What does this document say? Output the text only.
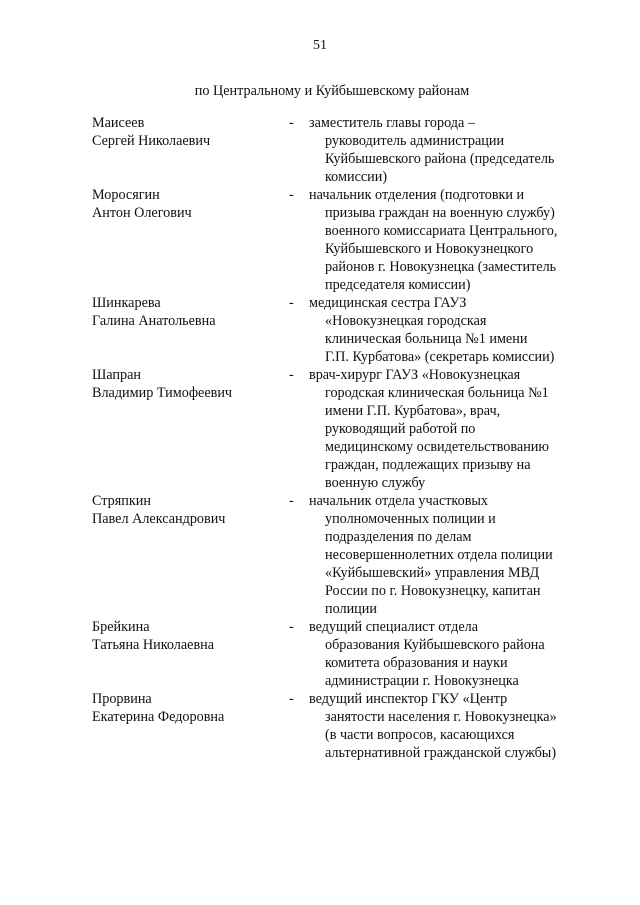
51
по Центральному и Куйбышевскому районам
Маисеев
Сергей Николаевич
- заместитель главы города –
руководитель администрации
Куйбышевского района (председатель
комиссии)
Моросягин
Антон Олегович
- начальник отделения (подготовки и
призыва граждан на военную службу)
военного комиссариата Центрального,
Куйбышевского и Новокузнецкого
районов г. Новокузнецка (заместитель
председателя комиссии)
Шинкарева
Галина Анатольевна
- медицинская сестра ГАУЗ
«Новокузнецкая городская
клиническая больница №1 имени
Г.П. Курбатова» (секретарь комиссии)
Шапран
Владимир Тимофеевич
- врач-хирург ГАУЗ «Новокузнецкая
городская клиническая больница №1
имени Г.П. Курбатова», врач,
руководящий работой по
медицинскому освидетельствованию
граждан, подлежащих призыву на
военную службу
Стряпкин
Павел Александрович
- начальник отдела участковых
уполномоченных полиции и
подразделения по делам
несовершеннолетних отдела полиции
«Куйбышевский» управления МВД
России по г. Новокузнецку, капитан
полиции
Брейкина
Татьяна Николаевна
- ведущий специалист отдела
образования Куйбышевского района
комитета образования и науки
администрации г. Новокузнецка
Прорвина
Екатерина Федоровна
- ведущий инспектор ГКУ «Центр
занятости населения г. Новокузнецка»
(в части вопросов, касающихся
альтернативной гражданской службы)
